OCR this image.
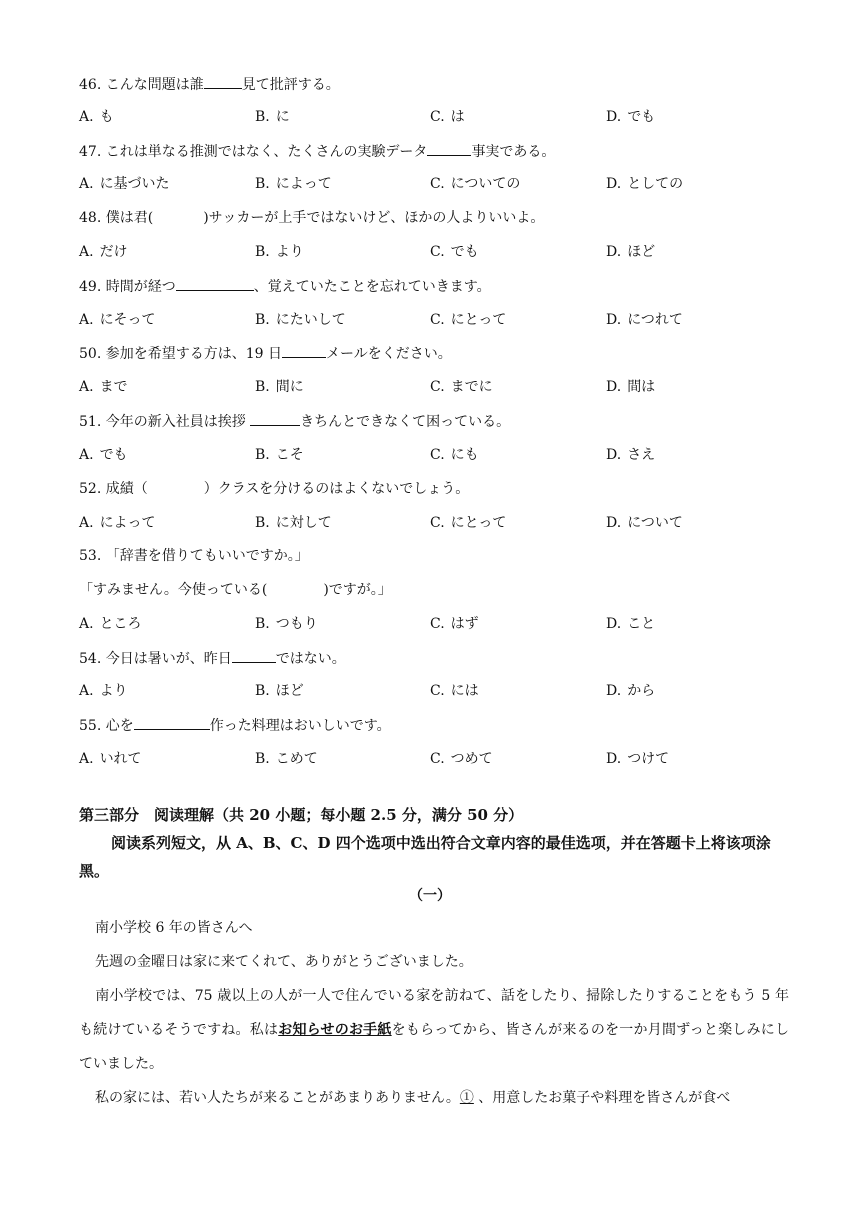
46. こんな問題は誰	見て批評する。
A. も	B. に	C. は	D. でも
47. これは単なる推測ではなく、たくさんの実験データ	事実である。
A. に基づいた	B. によって	C. についての	D. としての
48. 僕は君(	)サッカーが上手ではないけど、ほかの人よりいいよ。
A. だけ	B. より	C. でも	D. ほど
49. 時間が経つ	、覚えていたことを忘れていきます。
A. にそって	B. にたいして	C. にとって	D. につれて
50. 参加を希望する方は、19 日	メールをください。
A. まで	B. 間に	C. までに	D. 間は
51. 今年の新入社員は挨拶	きちんとできなくて困っている。
A. でも	B. こそ	C. にも	D. さえ
52. 成績（	）クラスを分けるのはよくないでしょう。
A. によって	B. に対して	C. にとって	D. について
53. 「辞書を借りてもいいですか。」
「すみません。今使っている(	)ですが。」
A. ところ	B. つもり	C. はず	D. こと
54. 今日は暑いが、昨日	ではない。
A. より	B. ほど	C. には	D. から
55. 心を	作った料理はおいしいです。
A. いれて	B. こめて	C. つめて	D. つけて
第三部分　阅读理解（共 20 小题；每小题 2.5 分，满分 50 分）
阅读系列短文，从 A、B、C、D 四个选项中选出符合文章内容的最佳选项，并在答题卡上将该项涂黑。
（一）
南小学校 6 年の皆さんへ
先週の金曜日は家に来てくれて、ありがとうございました。
南小学校では、75 歳以上の人が一人で住んでいる家を訪ねて、話をしたり、掃除したりすることをもう 5 年も続けているそうですね。私はお知らせのお手紙をもらってから、皆さんが来るのを一か月間ずっと楽しみにしていました。
私の家には、若い人たちが来ることがあまりありません。① 、用意したお菓子や料理を皆さんが食べ
